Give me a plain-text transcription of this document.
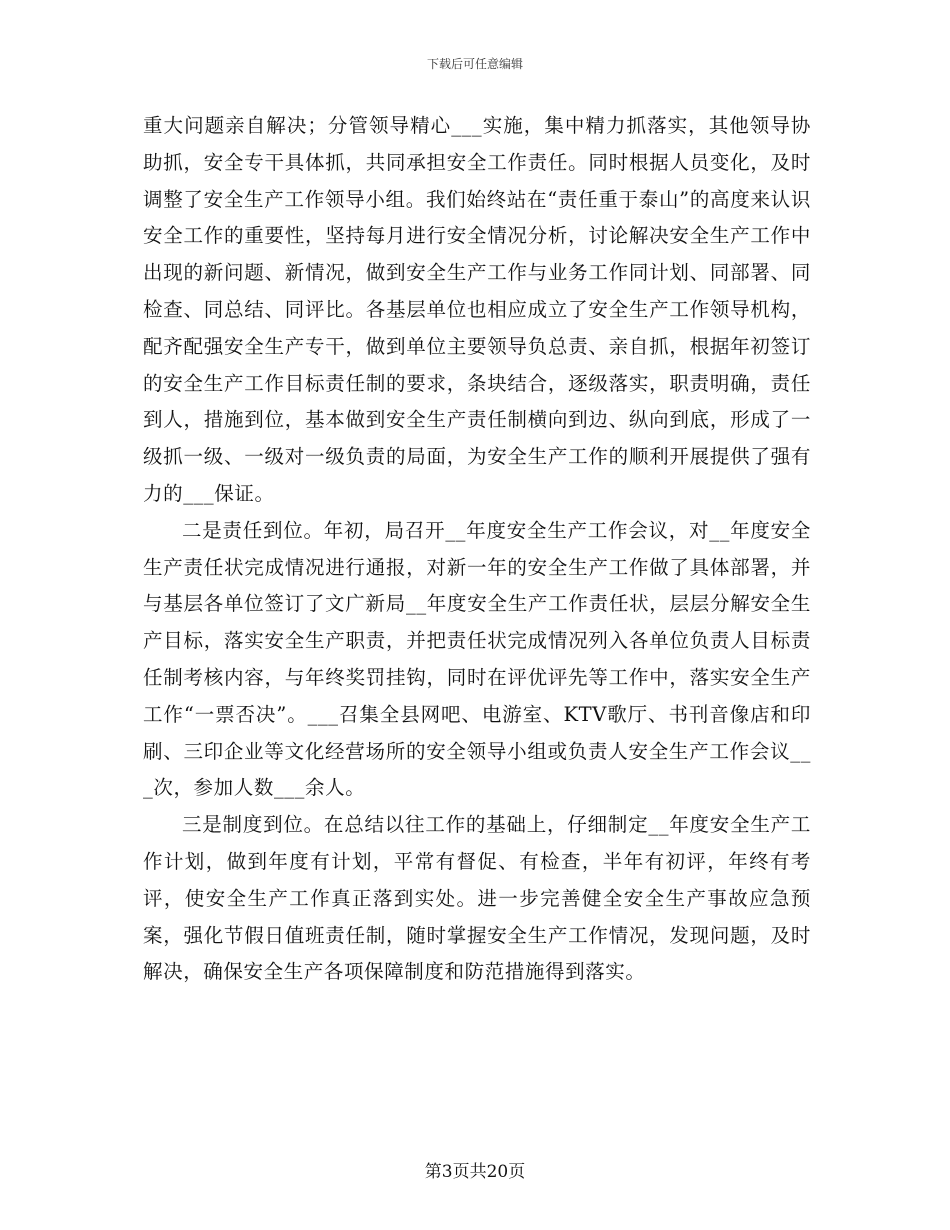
下载后可任意编辑

重大问题亲自解决；分管领导精心___实施，集中精力抓落实，其他领导协助抓，安全专干具体抓，共同承担安全工作责任。同时根据人员变化，及时调整了安全生产工作领导小组。我们始终站在“责任重于泰山”的高度来认识安全工作的重要性，坚持每月进行安全情况分析，讨论解决安全生产工作中出现的新问题、新情况，做到安全生产工作与业务工作同计划、同部署、同检查、同总结、同评比。各基层单位也相应成立了安全生产工作领导机构，配齐配强安全生产专干，做到单位主要领导负总责、亲自抓，根据年初签订的安全生产工作目标责任制的要求，条块结合，逐级落实，职责明确，责任到人，措施到位，基本做到安全生产责任制横向到边、纵向到底，形成了一级抓一级、一级对一级负责的局面，为安全生产工作的顺利开展提供了强有力的___保证。

二是责任到位。年初，局召开__年度安全生产工作会议，对__年度安全生产责任状完成情况进行通报，对新一年的安全生产工作做了具体部署，并与基层各单位签订了文广新局__年度安全生产工作责任状，层层分解安全生产目标，落实安全生产职责，并把责任状完成情况列入各单位负责人目标责任制考核内容，与年终奖罚挂钩，同时在评优评先等工作中，落实安全生产工作“一票否决”。___召集全县网吧、电游室、KTV歌厅、书刊音像店和印刷、三印企业等文化经营场所的安全领导小组或负责人安全生产工作会议___次，参加人数___余人。

三是制度到位。在总结以往工作的基础上，仔细制定__年度安全生产工作计划，做到年度有计划，平常有督促、有检查，半年有初评，年终有考评，使安全生产工作真正落到实处。进一步完善健全安全生产事故应急预案，强化节假日值班责任制，随时掌握安全生产工作情况，发现问题，及时解决，确保安全生产各项保障制度和防范措施得到落实。

第3页共20页
